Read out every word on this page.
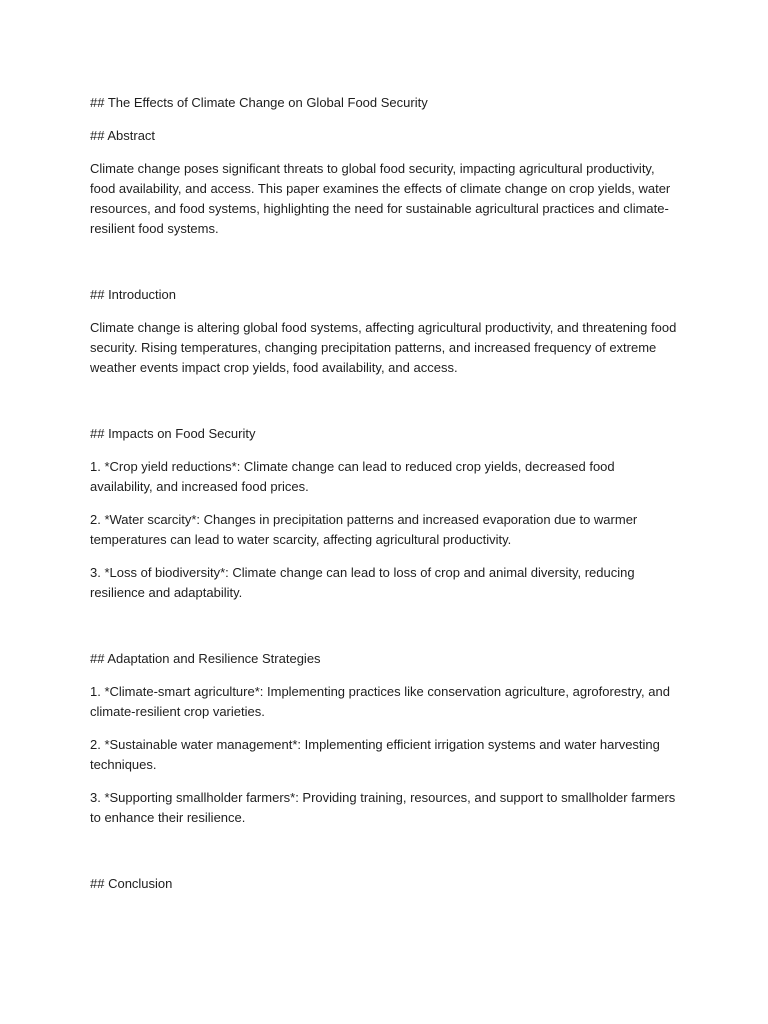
## The Effects of Climate Change on Global Food Security

## Abstract

Climate change poses significant threats to global food security, impacting agricultural productivity, food availability, and access. This paper examines the effects of climate change on crop yields, water resources, and food systems, highlighting the need for sustainable agricultural practices and climate-resilient food systems.

## Introduction

Climate change is altering global food systems, affecting agricultural productivity, and threatening food security. Rising temperatures, changing precipitation patterns, and increased frequency of extreme weather events impact crop yields, food availability, and access.

## Impacts on Food Security

1. *Crop yield reductions*: Climate change can lead to reduced crop yields, decreased food availability, and increased food prices.

2. *Water scarcity*: Changes in precipitation patterns and increased evaporation due to warmer temperatures can lead to water scarcity, affecting agricultural productivity.

3. *Loss of biodiversity*: Climate change can lead to loss of crop and animal diversity, reducing resilience and adaptability.

## Adaptation and Resilience Strategies

1. *Climate-smart agriculture*: Implementing practices like conservation agriculture, agroforestry, and climate-resilient crop varieties.

2. *Sustainable water management*: Implementing efficient irrigation systems and water harvesting techniques.

3. *Supporting smallholder farmers*: Providing training, resources, and support to smallholder farmers to enhance their resilience.

## Conclusion
